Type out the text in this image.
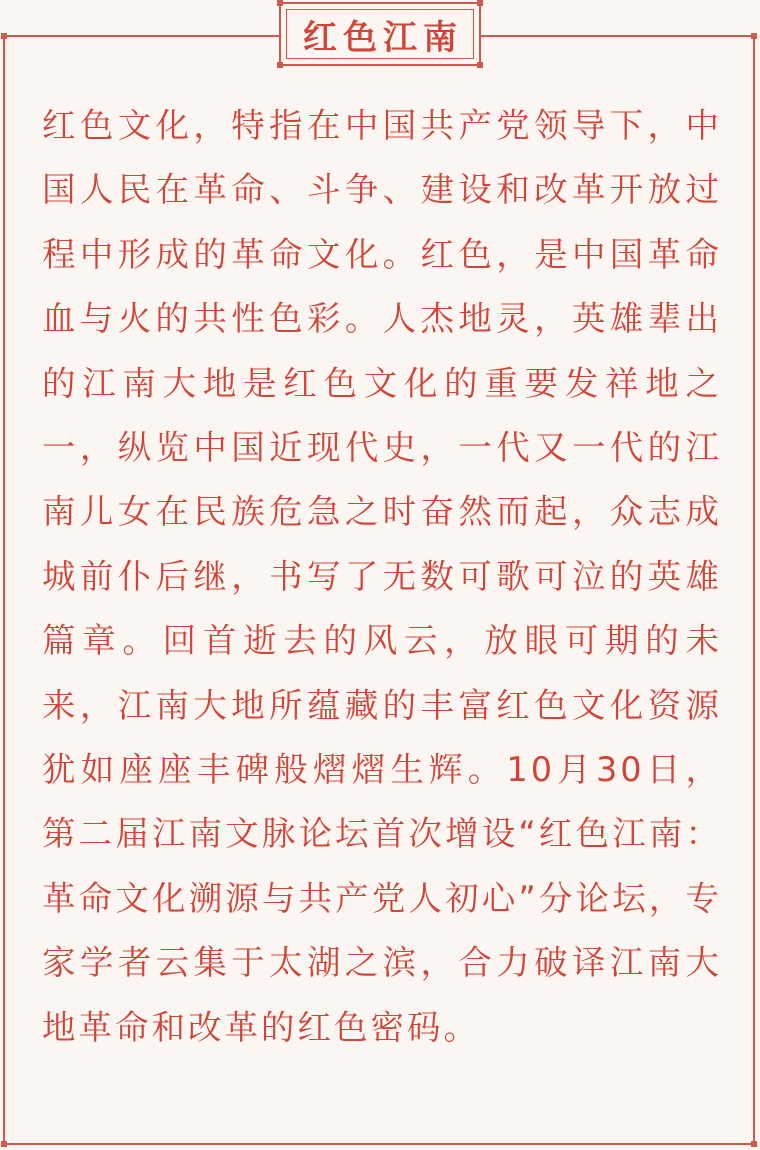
红色江南

红色文化，特指在中国共产党领导下，中国人民在革命、斗争、建设和改革开放过程中形成的革命文化。红色，是中国革命血与火的共性色彩。人杰地灵，英雄辈出的江南大地是红色文化的重要发祥地之一，纵览中国近现代史，一代又一代的江南儿女在民族危急之时奋然而起，众志成城前仆后继，书写了无数可歌可泣的英雄篇章。回首逝去的风云，放眼可期的未来，江南大地所蕴藏的丰富红色文化资源犹如座座丰碑般熠熠生辉。10月30日，第二届江南文脉论坛首次增设“红色江南：革命文化溯源与共产党人初心”分论坛，专家学者云集于太湖之滨，合力破译江南大地革命和改革的红色密码。
